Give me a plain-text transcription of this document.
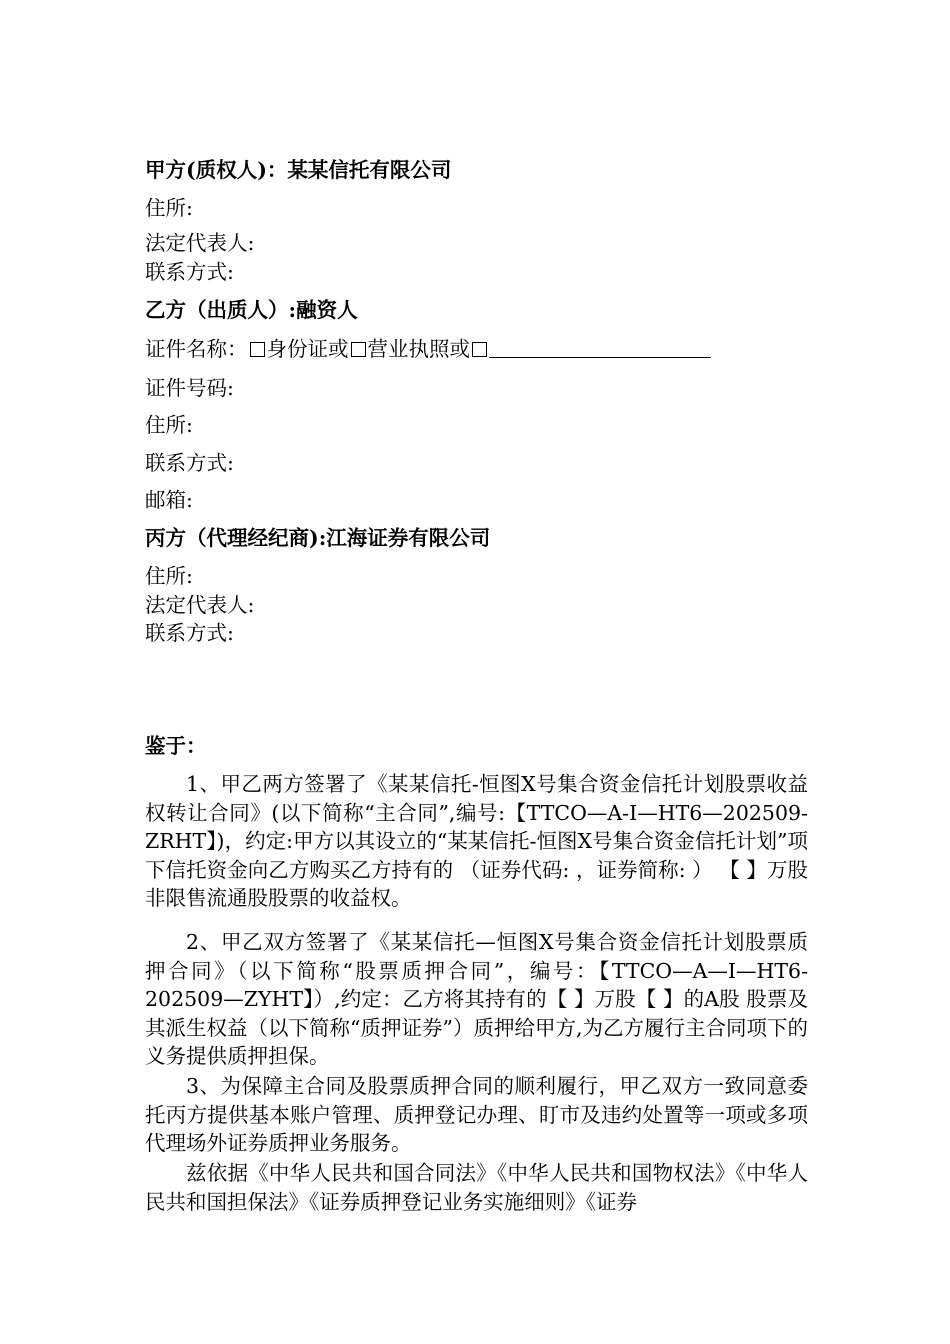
甲方(质权人)：某某信托有限公司
住所:
法定代表人:
联系方式:
乙方（出质人）:融资人
证件名称： 身份证或 营业执照或
证件号码:
住所:
联系方式:
邮箱:
丙方（代理经纪商):江海证券有限公司
住所:
法定代表人:
联系方式:
鉴于：
1、甲乙两方签署了《某某信托-恒图X号集合资金信托计划股票收益权转让合同》(以下简称“主合同”,编号:【TTCO—A-I—HT6—202509-ZRHT】)，约定:甲方以其设立的“某某信托-恒图X号集合资金信托计划”项下信托资金向乙方购买乙方持有的 （证券代码: ，证券简称: ） 【 】万股非限售流通股股票的收益权。
2、甲乙双方签署了《某某信托—恒图X号集合资金信托计划股票质押合同》（以下简称“股票质押合同”，编号：【TTCO—A—I—HT6-202509—ZYHT】）,约定：乙方将其持有的【 】万股【 】的A股 股票及其派生权益（以下简称“质押证券”）质押给甲方,为乙方履行主合同项下的义务提供质押担保。
3、为保障主合同及股票质押合同的顺利履行，甲乙双方一致同意委托丙方提供基本账户管理、质押登记办理、盯市及违约处置等一项或多项代理场外证券质押业务服务。
兹依据《中华人民共和国合同法》《中华人民共和国物权法》《中华人民共和国担保法》《证券质押登记业务实施细则》《证券
